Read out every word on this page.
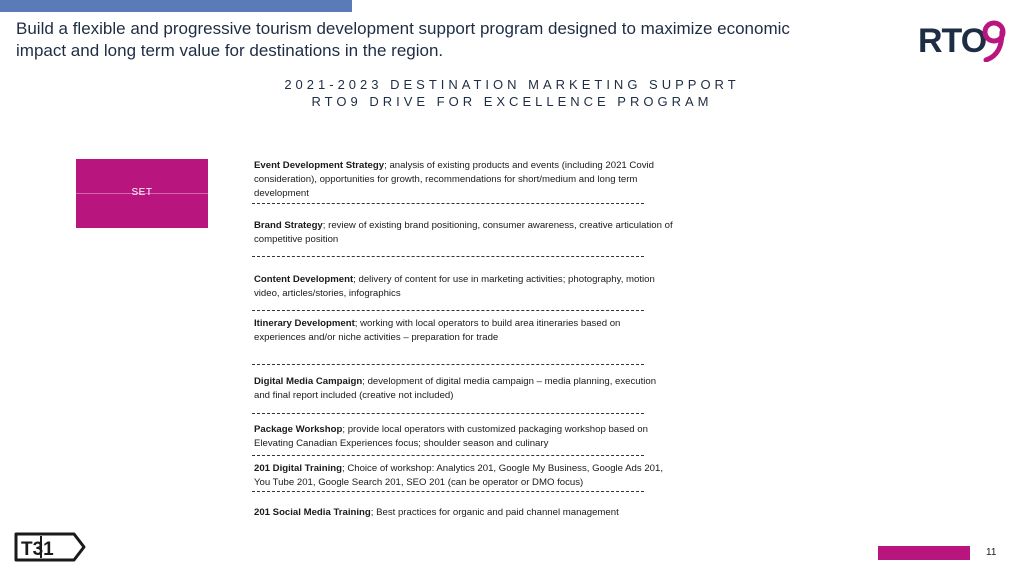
Build a flexible and progressive tourism development support program designed to maximize economic impact and long term value for destinations in the region.	RTO
2021-2023 DESTINATION MARKETING SUPPORT
RTO9 DRIVE FOR EXCELLENCE PROGRAM
SET
Event Development Strategy; analysis of existing products and events (including 2021 Covid consideration), opportunities for growth, recommendations for short/medium and long term development
Brand Strategy; review of existing brand positioning, consumer awareness, creative articulation of competitive position
Content Development; delivery of content for use in marketing activities; photography, motion video, articles/stories, infographics
Itinerary Development; working with local operators to build area itineraries based on experiences and/or niche activities – preparation for trade
Digital Media Campaign; development of digital media campaign – media planning, execution and final report included (creative not included)
Package Workshop; provide local operators with customized packaging workshop based on Elevating Canadian Experiences focus; shoulder season and culinary
201 Digital Training; Choice of workshop: Analytics 201, Google My Business, Google Ads 201, You Tube 201, Google Search 201, SEO 201 (can be operator or DMO focus)
201 Social Media Training; Best practices for organic and paid channel management
T31	11
